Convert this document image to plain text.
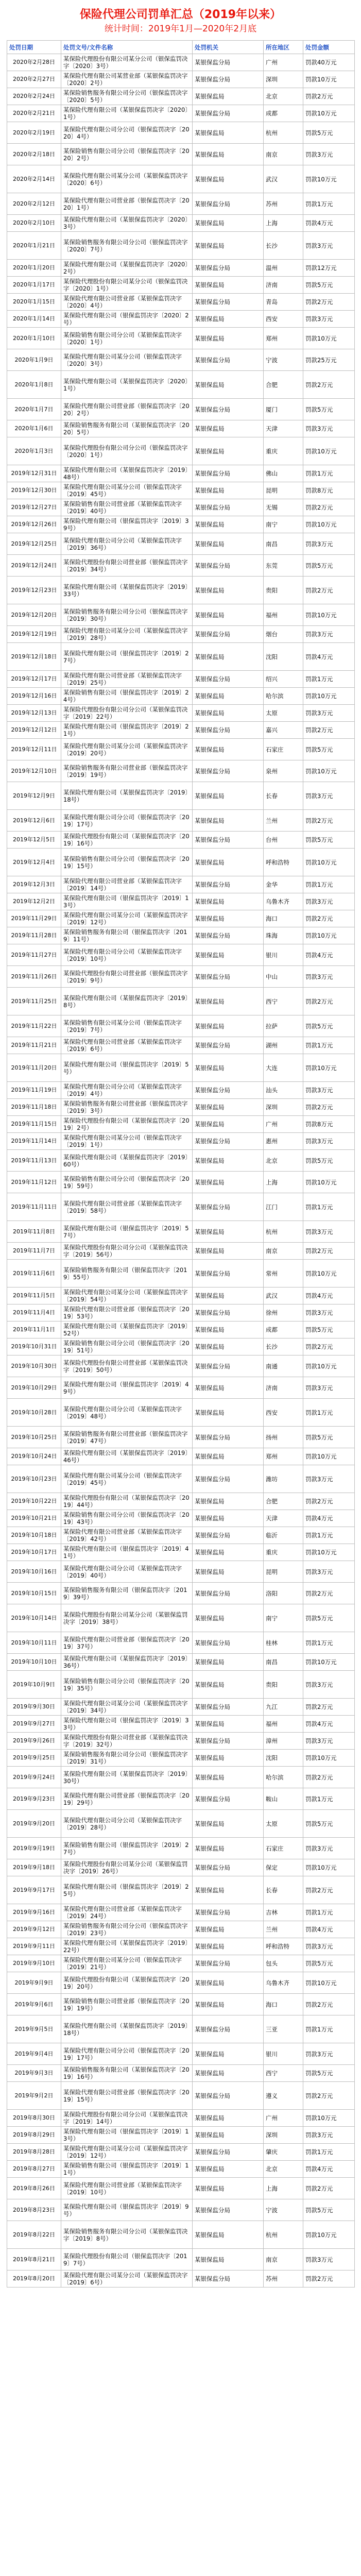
保险代理公司罚单汇总（2019年以来）
统计时间：2019年1月—2020年2月底
处罚日期	处罚文号/文件名称	处罚机关	所在地区	处罚金额
2020年2月28日	某保险代理股份有限公司某分公司（银保监罚决字〔2020〕3号）	某银保监分局	广州	罚款40万元
2020年2月27日	某保险代理有限公司某营业部（某银保监罚决字〔2020〕2号）	某银保监分局	深圳	罚款10万元
2020年2月24日	某保险销售服务有限公司分公司（银保监罚决字〔2020〕5号）	某银保监局	北京	罚款2万元
2020年2月21日	某保险代理有限公司（某银保监罚决字〔2020〕1号）	某银保监分局	成都	罚款10万元
2020年2月19日	某保险代理有限公司分公司（银保监罚决字〔2020〕4号）	某银保监局	杭州	罚款5万元
2020年2月18日	某保险销售有限公司分公司（银保监罚决字〔2020〕2号）	某银保监局	南京	罚款3万元
2020年2月14日	某保险代理有限公司某分公司（某银保监罚决字〔2020〕6号）	某银保监局	武汉	罚款10万元
2020年2月12日	某保险代理有限公司营业部（银保监罚决字〔2020〕1号）	某银保监分局	苏州	罚款1万元
2020年2月10日	某保险代理有限公司（某银保监罚决字〔2020〕3号）	某银保监局	上海	罚款4万元
2020年1月21日	某保险销售服务有限公司分公司（银保监罚决字〔2020〕7号）	某银保监局	长沙	罚款3万元
2020年1月20日	某保险代理有限公司（某银保监罚决字〔2020〕2号）	某银保监分局	温州	罚款12万元
2020年1月17日	某保险代理股份有限公司某分公司（银保监罚决字〔2020〕1号）	某银保监局	济南	罚款5万元
2020年1月15日	某保险代理有限公司营业部（某银保监罚决字〔2020〕4号）	某银保监分局	青岛	罚款2万元
2020年1月14日	某保险代理有限公司（银保监罚决字〔2020〕2号）	某银保监局	西安	罚款3万元
2020年1月10日	某保险销售有限公司分公司（某银保监罚决字〔2020〕1号）	某银保监局	郑州	罚款10万元
2020年1月9日	某保险代理有限公司某分公司（银保监罚决字〔2020〕3号）	某银保监分局	宁波	罚款25万元
2020年1月8日	某保险代理有限公司（某银保监罚决字〔2020〕1号）	某银保监局	合肥	罚款2万元
2020年1月7日	某保险代理有限公司营业部（银保监罚决字〔2020〕2号）	某银保监分局	厦门	罚款5万元
2020年1月6日	某保险销售服务有限公司（某银保监罚决字〔2020〕5号）	某银保监局	天津	罚款3万元
2020年1月3日	某保险代理股份有限公司分公司（银保监罚决字〔2020〕1号）	某银保监局	重庆	罚款10万元
2019年12月31日	某保险代理有限公司（某银保监罚决字〔2019〕48号）	某银保监分局	佛山	罚款1万元
2019年12月30日	某保险代理有限公司某分公司（银保监罚决字〔2019〕45号）	某银保监局	昆明	罚款8万元
2019年12月27日	某保险销售有限公司营业部（某银保监罚决字〔2019〕40号）	某银保监分局	无锡	罚款2万元
2019年12月26日	某保险代理有限公司（银保监罚决字〔2019〕39号）	某银保监局	南宁	罚款10万元
2019年12月25日	某保险代理有限公司分公司（某银保监罚决字〔2019〕36号）	某银保监局	南昌	罚款3万元
2019年12月24日	某保险代理股份有限公司营业部（银保监罚决字〔2019〕34号）	某银保监分局	东莞	罚款5万元
2019年12月23日	某保险代理有限公司（某银保监罚决字〔2019〕33号）	某银保监局	贵阳	罚款2万元
2019年12月20日	某保险销售服务有限公司分公司（银保监罚决字〔2019〕30号）	某银保监局	福州	罚款10万元
2019年12月19日	某保险代理有限公司某分公司（某银保监罚决字〔2019〕28号）	某银保监分局	烟台	罚款3万元
2019年12月18日	某保险代理有限公司（银保监罚决字〔2019〕27号）	某银保监局	沈阳	罚款4万元
2019年12月17日	某保险代理有限公司营业部（某银保监罚决字〔2019〕25号）	某银保监分局	绍兴	罚款1万元
2019年12月16日	某保险销售有限公司（银保监罚决字〔2019〕24号）	某银保监局	哈尔滨	罚款10万元
2019年12月13日	某保险代理股份有限公司分公司（某银保监罚决字〔2019〕22号）	某银保监局	太原	罚款3万元
2019年12月12日	某保险代理有限公司（银保监罚决字〔2019〕21号）	某银保监分局	嘉兴	罚款2万元
2019年12月11日	某保险代理有限公司某分公司（某银保监罚决字〔2019〕20号）	某银保监局	石家庄	罚款5万元
2019年12月10日	某保险销售服务有限公司营业部（银保监罚决字〔2019〕19号）	某银保监分局	泉州	罚款10万元
2019年12月9日	某保险代理有限公司（某银保监罚决字〔2019〕18号）	某银保监局	长春	罚款3万元
2019年12月6日	某保险代理有限公司分公司（银保监罚决字〔2019〕17号）	某银保监局	兰州	罚款2万元
2019年12月5日	某保险代理股份有限公司（某银保监罚决字〔2019〕16号）	某银保监分局	台州	罚款5万元
2019年12月4日	某保险销售有限公司分公司（银保监罚决字〔2019〕15号）	某银保监局	呼和浩特	罚款10万元
2019年12月3日	某保险代理有限公司营业部（某银保监罚决字〔2019〕14号）	某银保监分局	金华	罚款1万元
2019年12月2日	某保险代理有限公司（银保监罚决字〔2019〕13号）	某银保监局	乌鲁木齐	罚款3万元
2019年11月29日	某保险代理有限公司某分公司（某银保监罚决字〔2019〕12号）	某银保监局	海口	罚款2万元
2019年11月28日	某保险销售服务有限公司（银保监罚决字〔2019〕11号）	某银保监分局	珠海	罚款10万元
2019年11月27日	某保险代理有限公司分公司（某银保监罚决字〔2019〕10号）	某银保监局	银川	罚款4万元
2019年11月26日	某保险代理股份有限公司营业部（银保监罚决字〔2019〕9号）	某银保监分局	中山	罚款3万元
2019年11月25日	某保险代理有限公司（某银保监罚决字〔2019〕8号）	某银保监局	西宁	罚款2万元
2019年11月22日	某保险销售有限公司某分公司（银保监罚决字〔2019〕7号）	某银保监局	拉萨	罚款5万元
2019年11月21日	某保险代理有限公司营业部（某银保监罚决字〔2019〕6号）	某银保监分局	湖州	罚款1万元
2019年11月20日	某保险代理有限公司（银保监罚决字〔2019〕5号）	某银保监局	大连	罚款10万元
2019年11月19日	某保险代理有限公司分公司（某银保监罚决字〔2019〕4号）	某银保监分局	汕头	罚款3万元
2019年11月18日	某保险销售服务有限公司营业部（银保监罚决字〔2019〕3号）	某银保监局	深圳	罚款2万元
2019年11月15日	某保险代理股份有限公司（某银保监罚决字〔2019〕2号）	某银保监局	广州	罚款8万元
2019年11月14日	某保险代理有限公司某分公司（银保监罚决字〔2019〕1号）	某银保监分局	惠州	罚款3万元
2019年11月13日	某保险代理有限公司（某银保监罚决字〔2019〕60号）	某银保监局	北京	罚款5万元
2019年11月12日	某保险销售有限公司分公司（银保监罚决字〔2019〕59号）	某银保监局	上海	罚款10万元
2019年11月11日	某保险代理有限公司营业部（某银保监罚决字〔2019〕58号）	某银保监分局	江门	罚款1万元
2019年11月8日	某保险代理有限公司（银保监罚决字〔2019〕57号）	某银保监局	杭州	罚款3万元
2019年11月7日	某保险代理股份有限公司分公司（某银保监罚决字〔2019〕56号）	某银保监局	南京	罚款2万元
2019年11月6日	某保险销售服务有限公司（银保监罚决字〔2019〕55号）	某银保监分局	常州	罚款10万元
2019年11月5日	某保险代理有限公司某分公司（某银保监罚决字〔2019〕54号）	某银保监局	武汉	罚款4万元
2019年11月4日	某保险代理有限公司营业部（银保监罚决字〔2019〕53号）	某银保监分局	徐州	罚款3万元
2019年11月1日	某保险代理有限公司（某银保监罚决字〔2019〕52号）	某银保监局	成都	罚款5万元
2019年10月31日	某保险销售有限公司分公司（银保监罚决字〔2019〕51号）	某银保监局	长沙	罚款2万元
2019年10月30日	某保险代理股份有限公司营业部（某银保监罚决字〔2019〕50号）	某银保监分局	南通	罚款10万元
2019年10月29日	某保险代理有限公司（银保监罚决字〔2019〕49号）	某银保监局	济南	罚款3万元
2019年10月28日	某保险代理有限公司分公司（某银保监罚决字〔2019〕48号）	某银保监局	西安	罚款1万元
2019年10月25日	某保险销售服务有限公司营业部（银保监罚决字〔2019〕47号）	某银保监分局	扬州	罚款5万元
2019年10月24日	某保险代理有限公司（某银保监罚决字〔2019〕46号）	某银保监局	郑州	罚款10万元
2019年10月23日	某保险代理有限公司某分公司（银保监罚决字〔2019〕45号）	某银保监分局	潍坊	罚款3万元
2019年10月22日	某保险代理股份有限公司（某银保监罚决字〔2019〕44号）	某银保监局	合肥	罚款2万元
2019年10月21日	某保险销售有限公司分公司（银保监罚决字〔2019〕43号）	某银保监局	天津	罚款4万元
2019年10月18日	某保险代理有限公司营业部（某银保监罚决字〔2019〕42号）	某银保监分局	临沂	罚款1万元
2019年10月17日	某保险代理有限公司（银保监罚决字〔2019〕41号）	某银保监局	重庆	罚款10万元
2019年10月16日	某保险代理有限公司分公司（某银保监罚决字〔2019〕40号）	某银保监局	昆明	罚款3万元
2019年10月15日	某保险销售服务有限公司（银保监罚决字〔2019〕39号）	某银保监分局	洛阳	罚款2万元
2019年10月14日	某保险代理股份有限公司某分公司（某银保监罚决字〔2019〕38号）	某银保监局	南宁	罚款5万元
2019年10月11日	某保险代理有限公司营业部（银保监罚决字〔2019〕37号）	某银保监分局	桂林	罚款1万元
2019年10月10日	某保险代理有限公司（某银保监罚决字〔2019〕36号）	某银保监局	南昌	罚款10万元
2019年10月9日	某保险销售有限公司分公司（银保监罚决字〔2019〕35号）	某银保监局	贵阳	罚款3万元
2019年9月30日	某保险代理有限公司某分公司（某银保监罚决字〔2019〕34号）	某银保监分局	九江	罚款2万元
2019年9月27日	某保险代理有限公司（银保监罚决字〔2019〕33号）	某银保监局	福州	罚款4万元
2019年9月26日	某保险代理股份有限公司营业部（某银保监罚决字〔2019〕32号）	某银保监分局	漳州	罚款3万元
2019年9月25日	某保险销售服务有限公司分公司（银保监罚决字〔2019〕31号）	某银保监局	沈阳	罚款10万元
2019年9月24日	某保险代理有限公司（某银保监罚决字〔2019〕30号）	某银保监局	哈尔滨	罚款2万元
2019年9月23日	某保险代理有限公司营业部（银保监罚决字〔2019〕29号）	某银保监分局	鞍山	罚款1万元
2019年9月20日	某保险代理有限公司分公司（某银保监罚决字〔2019〕28号）	某银保监局	太原	罚款5万元
2019年9月19日	某保险销售有限公司（银保监罚决字〔2019〕27号）	某银保监局	石家庄	罚款3万元
2019年9月18日	某保险代理股份有限公司某分公司（某银保监罚决字〔2019〕26号）	某银保监分局	保定	罚款10万元
2019年9月17日	某保险代理有限公司（银保监罚决字〔2019〕25号）	某银保监局	长春	罚款2万元
2019年9月16日	某保险代理有限公司营业部（某银保监罚决字〔2019〕24号）	某银保监分局	吉林	罚款1万元
2019年9月12日	某保险销售服务有限公司分公司（银保监罚决字〔2019〕23号）	某银保监局	兰州	罚款4万元
2019年9月11日	某保险代理有限公司（某银保监罚决字〔2019〕22号）	某银保监局	呼和浩特	罚款3万元
2019年9月10日	某保险代理有限公司某分公司（银保监罚决字〔2019〕21号）	某银保监分局	包头	罚款5万元
2019年9月9日	某保险代理股份有限公司（某银保监罚决字〔2019〕20号）	某银保监局	乌鲁木齐	罚款10万元
2019年9月6日	某保险销售有限公司营业部（银保监罚决字〔2019〕19号）	某银保监局	海口	罚款2万元
2019年9月5日	某保险代理有限公司（某银保监罚决字〔2019〕18号）	某银保监分局	三亚	罚款1万元
2019年9月4日	某保险代理有限公司分公司（银保监罚决字〔2019〕17号）	某银保监局	银川	罚款3万元
2019年9月3日	某保险销售服务有限公司（某银保监罚决字〔2019〕16号）	某银保监局	西宁	罚款5万元
2019年9月2日	某保险代理有限公司营业部（银保监罚决字〔2019〕15号）	某银保监分局	遵义	罚款2万元
2019年8月30日	某保险代理股份有限公司分公司（某银保监罚决字〔2019〕14号）	某银保监局	广州	罚款10万元
2019年8月29日	某保险代理有限公司（银保监罚决字〔2019〕13号）	某银保监局	深圳	罚款3万元
2019年8月28日	某保险代理有限公司某分公司（某银保监罚决字〔2019〕12号）	某银保监分局	肇庆	罚款1万元
2019年8月27日	某保险销售有限公司（银保监罚决字〔2019〕11号）	某银保监局	北京	罚款4万元
2019年8月26日	某保险代理有限公司营业部（某银保监罚决字〔2019〕10号）	某银保监局	上海	罚款2万元
2019年8月23日	某保险代理有限公司（银保监罚决字〔2019〕9号）	某银保监分局	宁波	罚款5万元
2019年8月22日	某保险销售服务有限公司分公司（某银保监罚决字〔2019〕8号）	某银保监局	杭州	罚款10万元
2019年8月21日	某保险代理股份有限公司（银保监罚决字〔2019〕7号）	某银保监局	南京	罚款3万元
2019年8月20日	某保险代理有限公司某分公司（某银保监罚决字〔2019〕6号）	某银保监分局	苏州	罚款2万元
